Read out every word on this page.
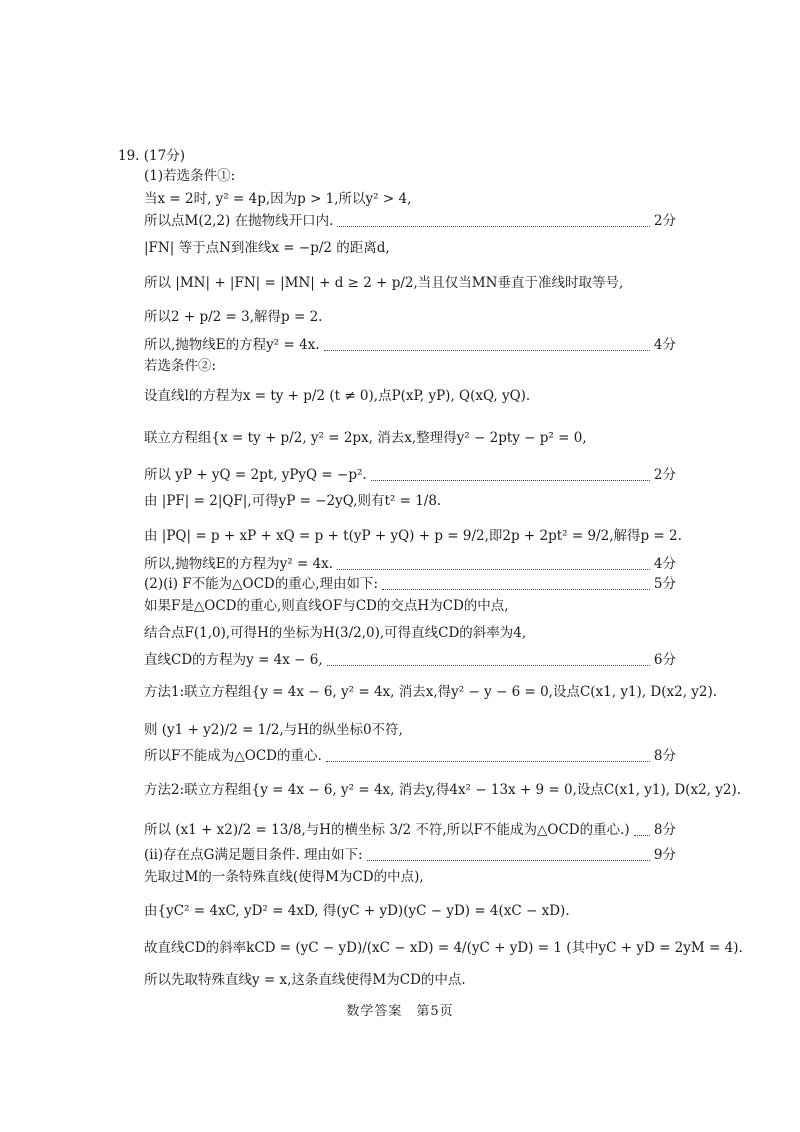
19. (17分)
(1)若选条件①:
当x = 2时, y² = 4p,因为p > 1,所以y² > 4,
所以点M(2,2) 在抛物线开口内.	2分
|FN| 等于点N到准线x = −p/2 的距离d,
所以 |MN| + |FN| = |MN| + d ≥ 2 + p/2,当且仅当MN垂直于准线时取等号,
所以2 + p/2 = 3,解得p = 2.
所以,抛物线E的方程y² = 4x.	4分
若选条件②:
设直线l的方程为x = ty + p/2 (t ≠ 0),点P(xP, yP), Q(xQ, yQ).
联立方程组{x = ty + p/2, y² = 2px, 消去x,整理得y² − 2pty − p² = 0,
所以 yP + yQ = 2pt, yPyQ = −p².	2分
由 |PF| = 2|QF|,可得yP = −2yQ,则有t² = 1/8.
由 |PQ| = p + xP + xQ = p + t(yP + yQ) + p = 9/2,即2p + 2pt² = 9/2,解得p = 2.
所以,抛物线E的方程为y² = 4x.	4分
(2)(i) F不能为△OCD的重心,理由如下:	5分
如果F是△OCD的重心,则直线OF与CD的交点H为CD的中点,
结合点F(1,0),可得H的坐标为H(3/2,0),可得直线CD的斜率为4,
直线CD的方程为y = 4x − 6,	6分
方法1:联立方程组{y = 4x − 6, y² = 4x, 消去x,得y² − y − 6 = 0,设点C(x1, y1), D(x2, y2).
则 (y1 + y2)/2 = 1/2,与H的纵坐标0不符,
所以F不能成为△OCD的重心.	8分
方法2:联立方程组{y = 4x − 6, y² = 4x, 消去y,得4x² − 13x + 9 = 0,设点C(x1, y1), D(x2, y2).
所以 (x1 + x2)/2 = 13/8,与H的横坐标 3/2 不符,所以F不能成为△OCD的重心.) 8分
(ii)存在点G满足题目条件. 理由如下:	9分
先取过M的一条特殊直线(使得M为CD的中点),
由{yC² = 4xC, yD² = 4xD, 得(yC + yD)(yC − yD) = 4(xC − xD).
故直线CD的斜率kCD = (yC − yD)/(xC − xD) = 4/(yC + yD) = 1 (其中yC + yD = 2yM = 4).
所以先取特殊直线y = x,这条直线使得M为CD的中点.
数学答案　第5页
